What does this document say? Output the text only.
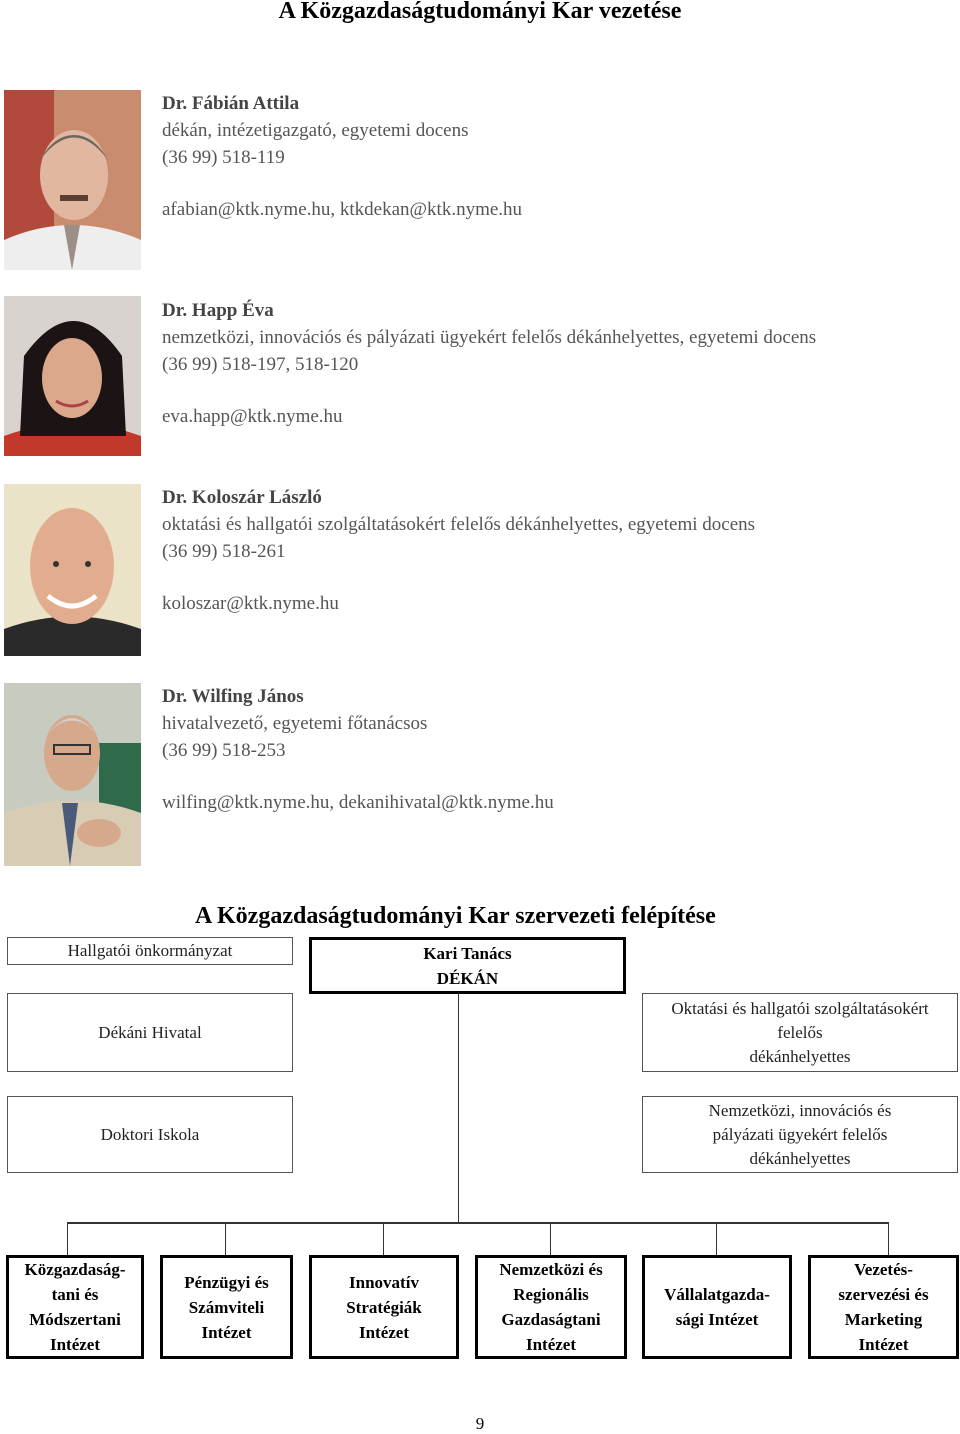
A Közgazdaságtudományi Kar vezetése
Dr. Fábián Attila
dékán, intézetigazgató, egyetemi docens
(36 99) 518-119
afabian@ktk.nyme.hu, ktkdekan@ktk.nyme.hu
Dr. Happ Éva
nemzetközi, innovációs és pályázati ügyekért felelős dékánhelyettes, egyetemi docens
(36 99) 518-197, 518-120
eva.happ@ktk.nyme.hu
Dr. Koloszár László
oktatási és hallgatói szolgáltatásokért felelős dékánhelyettes, egyetemi docens
(36 99) 518-261
koloszar@ktk.nyme.hu
Dr. Wilfing János
hivatalvezető, egyetemi főtanácsos
(36 99) 518-253
wilfing@ktk.nyme.hu, dekanihivatal@ktk.nyme.hu
A Közgazdaságtudományi Kar szervezeti felépítése
Hallgatói önkormányzat
Dékáni Hivatal
Doktori Iskola
Kari Tanács
DÉKÁN
Oktatási és hallgatói szolgáltatásokért
felelős
dékánhelyettes
Nemzetközi, innovációs és
pályázati ügyekért felelős
dékánhelyettes
Közgazdaság-
tani és
Módszertani
Intézet
Pénzügyi és
Számviteli
Intézet
Innovatív
Stratégiák
Intézet
Nemzetközi és
Regionális
Gazdaságtani
Intézet
Vállalatgazda-
sági Intézet
Vezetés-
szervezési és
Marketing
Intézet
9
